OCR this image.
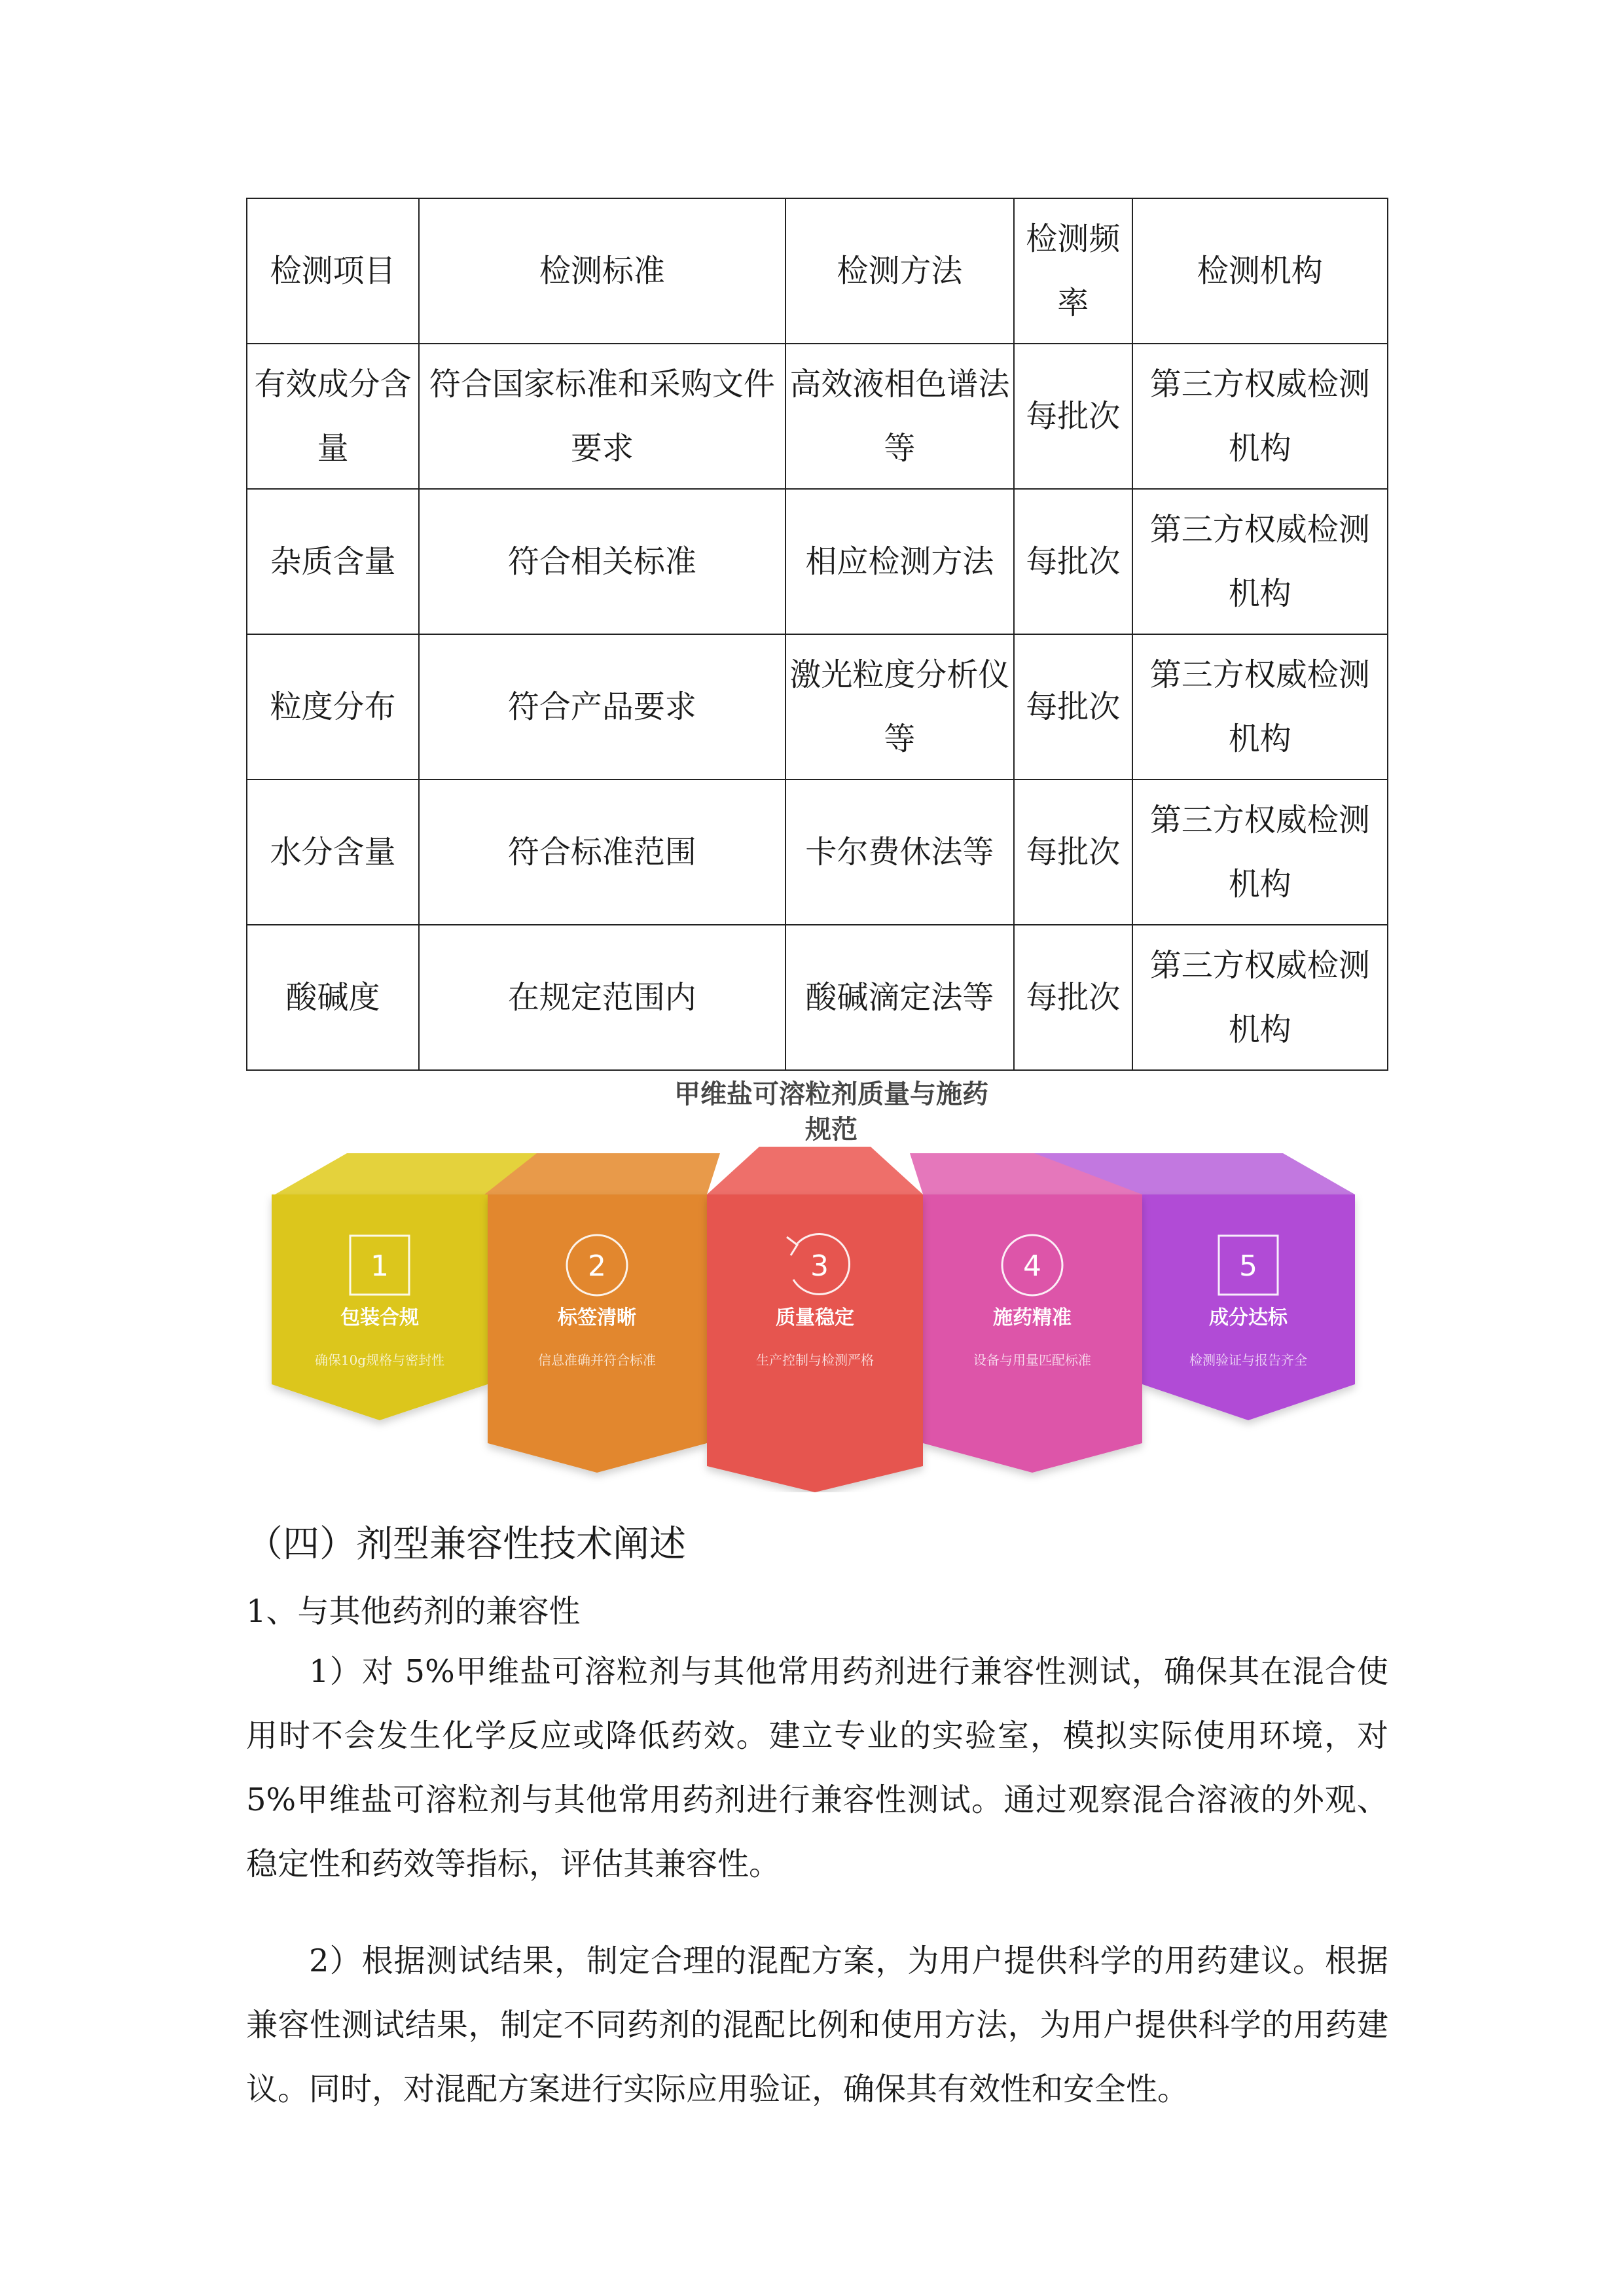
检测项目	检测标准	检测方法	检测频率	检测机构
有效成分含量	符合国家标准和采购文件要求	高效液相色谱法等	每批次	第三方权威检测机构
杂质含量	符合相关标准	相应检测方法	每批次	第三方权威检测机构
粒度分布	符合产品要求	激光粒度分析仪等	每批次	第三方权威检测机构
水分含量	符合标准范围	卡尔费休法等	每批次	第三方权威检测机构
酸碱度	在规定范围内	酸碱滴定法等	每批次	第三方权威检测机构
甲维盐可溶粒剂质量与施药规范
1	2	3	4	5
包装合规	标签清晰	质量稳定	施药精准	成分达标
确保10g规格与密封性	信息准确并符合标准	生产控制与检测严格	设备与用量匹配标准	检测验证与报告齐全
（四）剂型兼容性技术阐述
1、与其他药剂的兼容性

1）对 5%甲维盐可溶粒剂与其他常用药剂进行兼容性测试，确保其在混合使用时不会发生化学反应或降低药效。建立专业的实验室，模拟实际使用环境，对 5%甲维盐可溶粒剂与其他常用药剂进行兼容性测试。通过观察混合溶液的外观、稳定性和药效等指标，评估其兼容性。

2）根据测试结果，制定合理的混配方案，为用户提供科学的用药建议。根据兼容性测试结果，制定不同药剂的混配比例和使用方法，为用户提供科学的用药建议。同时，对混配方案进行实际应用验证，确保其有效性和安全性。
